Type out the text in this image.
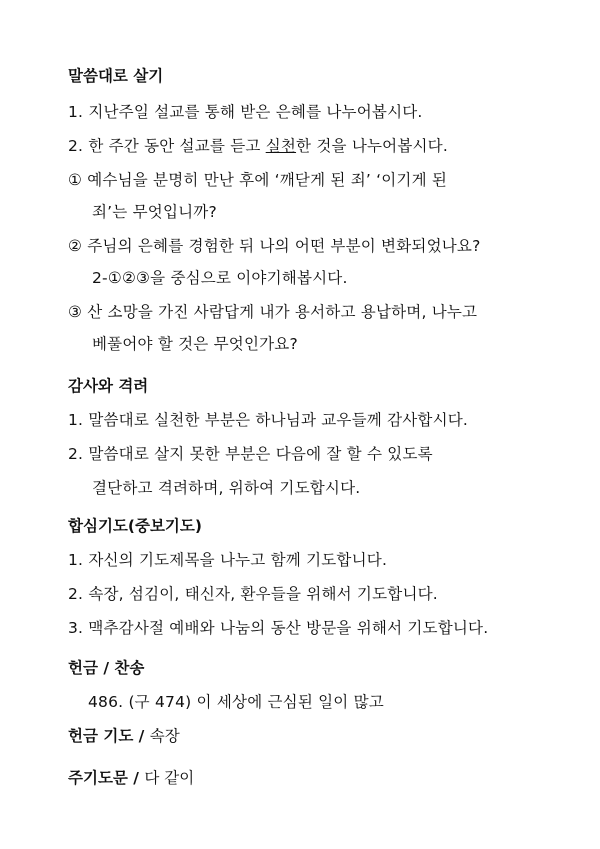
말씀대로 살기
1. 지난주일 설교를 통해 받은 은혜를 나누어봅시다.
2. 한 주간 동안 설교를 듣고 실천한 것을 나누어봅시다.
① 예수님을 분명히 만난 후에 ‘깨닫게 된 죄’ ‘이기게 된
죄’는 무엇입니까?
② 주님의 은혜를 경험한 뒤 나의 어떤 부분이 변화되었나요?
2-①②③을 중심으로 이야기해봅시다.
③ 산 소망을 가진 사람답게 내가 용서하고 용납하며, 나누고
베풀어야 할 것은 무엇인가요?
감사와 격려
1. 말씀대로 실천한 부분은 하나님과 교우들께 감사합시다.
2. 말씀대로 살지 못한 부분은 다음에 잘 할 수 있도록
결단하고 격려하며, 위하여 기도합시다.
합심기도(중보기도)
1. 자신의 기도제목을 나누고 함께 기도합니다.
2. 속장, 섬김이, 태신자, 환우들을 위해서 기도합니다.
3. 맥추감사절 예배와 나눔의 동산 방문을 위해서 기도합니다.
헌금 / 찬송
486. (구 474) 이 세상에 근심된 일이 많고
헌금 기도 / 속장
주기도문 / 다 같이
